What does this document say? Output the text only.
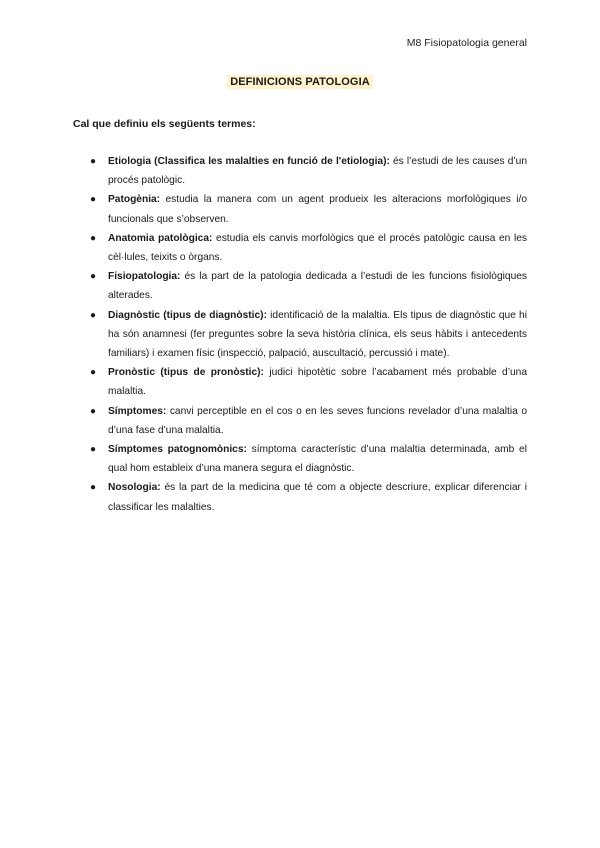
M8 Fisiopatologia general
DEFINICIONS PATOLOGIA
Cal que definiu els següents termes:
● Etiologia (Classifica les malalties en funció de l'etiologia): és l’estudi de les causes d’un procés patològic.
● Patogènia: estudia la manera com un agent produeix les alteracions morfològiques i/o funcionals que s’observen.
● Anatomia patològica: estudia els canvis morfològics que el procés patològic causa en les cèl·lules, teixits o òrgans.
● Fisiopatologia: és la part de la patologia dedicada a l’estudi de les funcions fisiològiques alterades.
● Diagnòstic (tipus de diagnòstic): identificació de la malaltia. Els tipus de diagnòstic que hi ha són anamnesi (fer preguntes sobre la seva història clínica, els seus hàbits i antecedents familiars) i examen físic (inspecció, palpació, auscultació, percussió i mate).
● Pronòstic (tipus de pronòstic): judici hipotètic sobre l’acabament més probable d’una malaltia.
● Símptomes: canvi perceptible en el cos o en les seves funcions revelador d’una malaltia o d’una fase d’una malaltia.
● Símptomes patognomònics: símptoma característic d’una malaltia determinada, amb el qual hom estableix d’una manera segura el diagnòstic.
● Nosologia: és la part de la medicina que té com a objecte descriure, explicar diferenciar i classificar les malalties.
